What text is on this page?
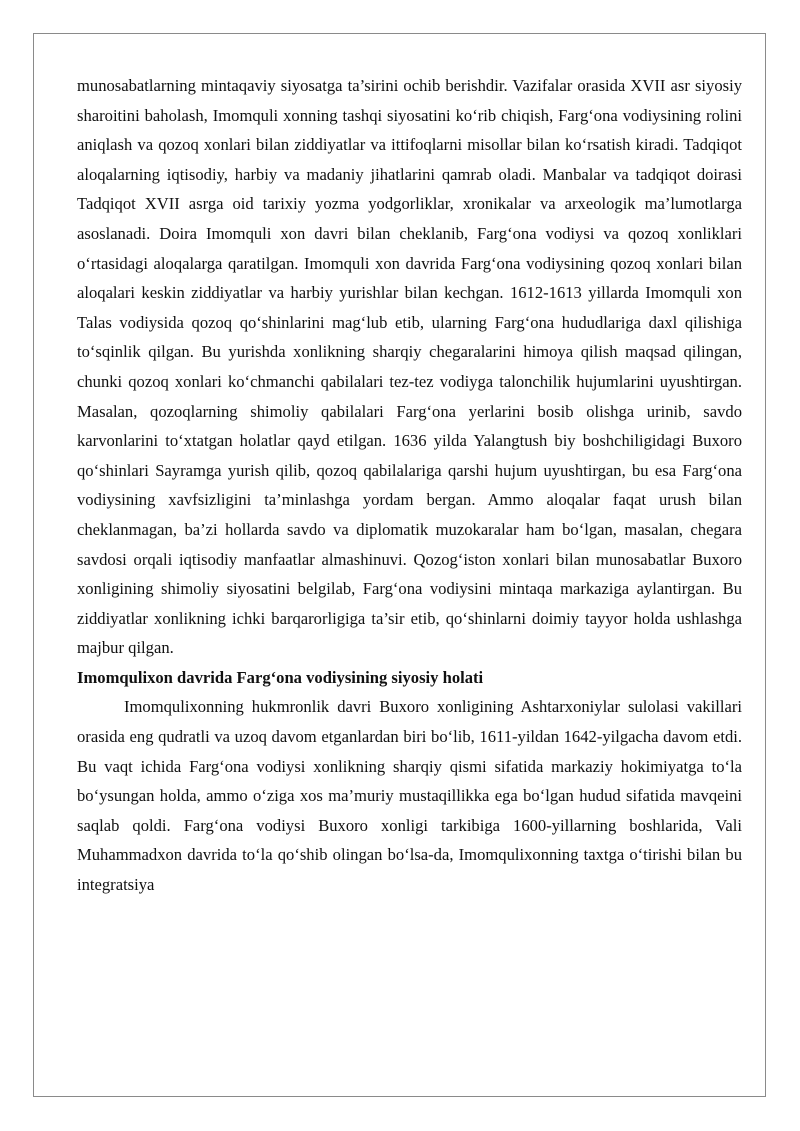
munosabatlarning mintaqaviy siyosatga ta’sirini ochib berishdir. Vazifalar orasida XVII asr siyosiy sharoitini baholash, Imomquli xonning tashqi siyosatini ko‘rib chiqish, Farg‘ona vodiysining rolini aniqlash va qozoq xonlari bilan ziddiyatlar va ittifoqlarni misollar bilan ko‘rsatish kiradi. Tadqiqot aloqalarning iqtisodiy, harbiy va madaniy jihatlarini qamrab oladi. Manbalar va tadqiqot doirasi Tadqiqot XVII asrga oid tarixiy yozma yodgorliklar, xronikalar va arxeologik ma’lumotlarga asoslanadi. Doira Imomquli xon davri bilan cheklanib, Farg‘ona vodiysi va qozoq xonliklari o‘rtasidagi aloqalarga qaratilgan. Imomquli xon davrida Farg‘ona vodiysining qozoq xonlari bilan aloqalari keskin ziddiyatlar va harbiy yurishlar bilan kechgan. 1612-1613 yillarda Imomquli xon Talas vodiysida qozoq qo‘shinlarini mag‘lub etib, ularning Farg‘ona hududlariga daxl qilishiga to‘sqinlik qilgan. Bu yurishda xonlikning sharqiy chegaralarini himoya qilish maqsad qilingan, chunki qozoq xonlari ko‘chmanchi qabilalari tez-tez vodiyga talonchilik hujumlarini uyushtirgan. Masalan, qozoqlarning shimoliy qabilalari Farg‘ona yerlarini bosib olishga urinib, savdo karvonlarini to‘xtatgan holatlar qayd etilgan. 1636 yilda Yalangtush biy boshchiligidagi Buxoro qo‘shinlari Sayramga yurish qilib, qozoq qabilalariga qarshi hujum uyushtirgan, bu esa Farg‘ona vodiysining xavfsizligini ta’minlashga yordam bergan. Ammo aloqalar faqat urush bilan cheklanmagan, ba’zi hollarda savdo va diplomatik muzokaralar ham bo‘lgan, masalan, chegara savdosi orqali iqtisodiy manfaatlar almashinuvi. Qozog‘iston xonlari bilan munosabatlar Buxoro xonligining shimoliy siyosatini belgilab, Farg‘ona vodiysini mintaqa markaziga aylantirgan. Bu ziddiyatlar xonlikning ichki barqarorligiga ta’sir etib, qo‘shinlarni doimiy tayyor holda ushlashga majbur qilgan.

Imomqulixon davrida Farg‘ona vodiysining siyosiy holati

Imomqulixonning hukmronlik davri Buxoro xonligining Ashtarxoniylar sulolasi vakillari orasida eng qudratli va uzoq davom etganlardan biri bo‘lib, 1611-yildan 1642-yilgacha davom etdi. Bu vaqt ichida Farg‘ona vodiysi xonlikning sharqiy qismi sifatida markaziy hokimiyatga to‘la bo‘ysungan holda, ammo o‘ziga xos ma’muriy mustaqillikka ega bo‘lgan hudud sifatida mavqeini saqlab qoldi. Farg‘ona vodiysi Buxoro xonligi tarkibiga 1600-yillarning boshlarida, Vali Muhammadxon davrida to‘la qo‘shib olingan bo‘lsa-da, Imomqulixonning taxtga o‘tirishi bilan bu integratsiya
